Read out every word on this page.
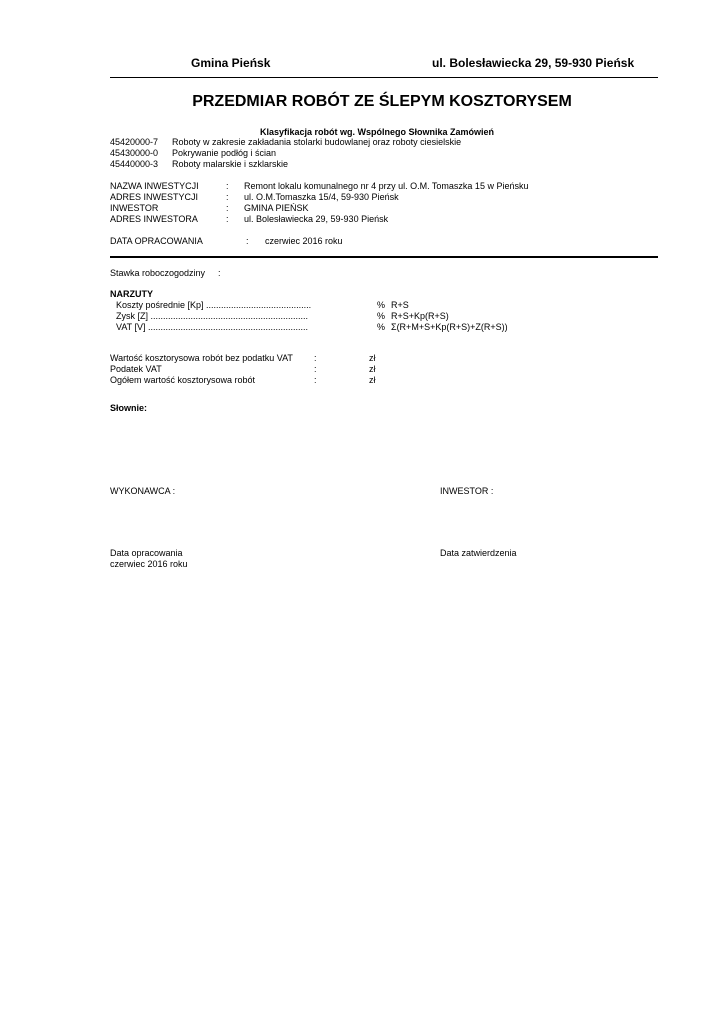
Gmina Pieńsk	ul. Bolesławiecka 29, 59-930 Pieńsk
PRZEDMIAR ROBÓT ZE ŚLEPYM KOSZTORYSEM
Klasyfikacja robót wg. Wspólnego Słownika Zamówień
45420000-7 Roboty w zakresie zakładania stolarki budowlanej oraz roboty ciesielskie
45430000-0 Pokrywanie podłóg i ścian
45440000-3 Roboty malarskie i szklarskie
NAZWA INWESTYCJI	: Remont lokalu komunalnego nr 4 przy ul. O.M. Tomaszka 15 w Pieńsku
ADRES INWESTYCJI	: ul. O.M.Tomaszka 15/4, 59-930 Pieńsk
INWESTOR	: GMINA PIEŃSK
ADRES INWESTORA	: ul. Bolesławiecka 29, 59-930 Pieńsk
DATA OPRACOWANIA	: czerwiec 2016 roku
Stawka roboczogodziny :
NARZUTY
Koszty pośrednie [Kp] ..........................................	% R+S
Zysk [Z] ...............................................................	% R+S+Kp(R+S)
VAT [V] ................................................................	% Σ(R+M+S+Kp(R+S)+Z(R+S))
Wartość kosztorysowa robót bez podatku VAT :	zł
Podatek VAT	:	zł
Ogółem wartość kosztorysowa robót	:	zł
Słownie:
WYKONAWCA :	INWESTOR :
Data opracowania
czerwiec 2016 roku
Data zatwierdzenia
